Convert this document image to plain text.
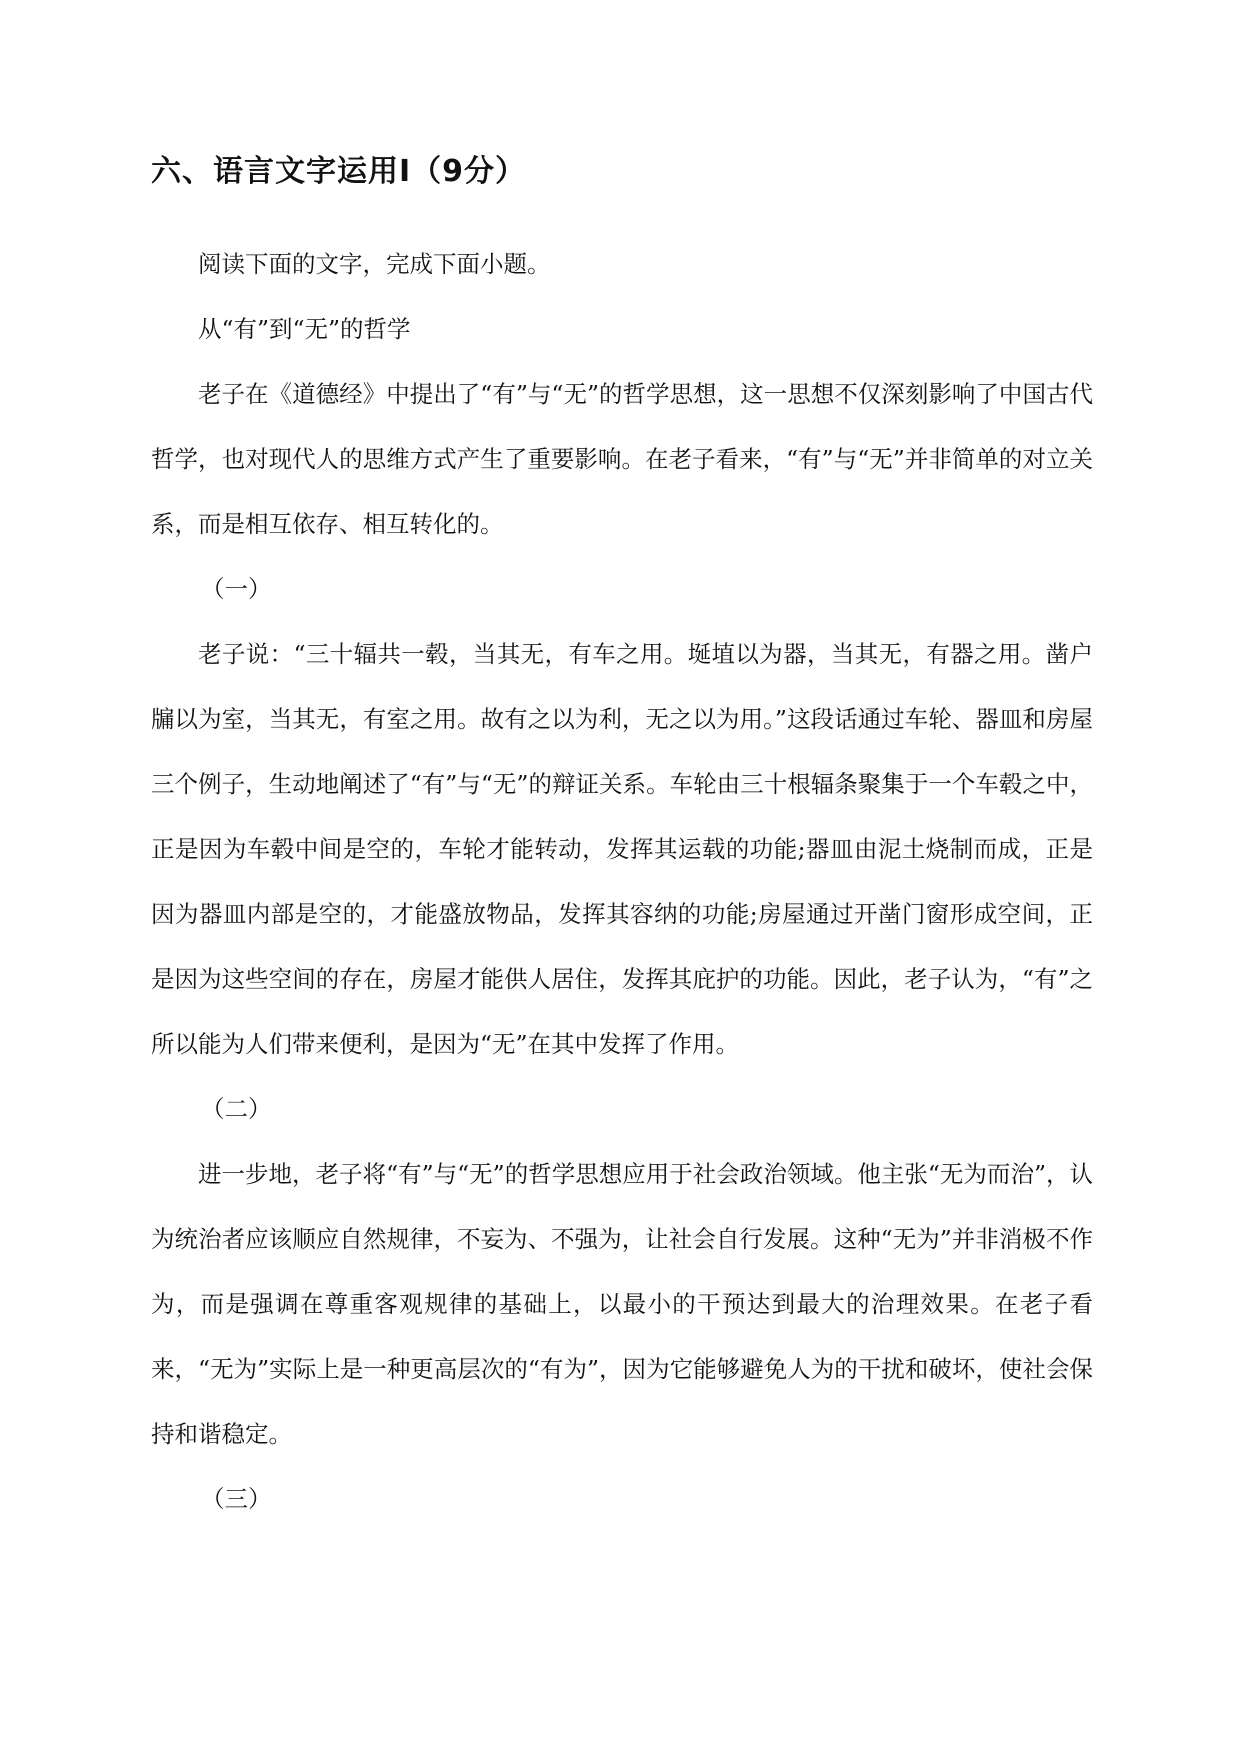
六、语言文字运用Ⅰ（9分）

阅读下面的文字，完成下面小题。

从“有”到“无”的哲学

老子在《道德经》中提出了“有”与“无”的哲学思想，这一思想不仅深刻影响了中国古代哲学，也对现代人的思维方式产生了重要影响。在老子看来，“有”与“无”并非简单的对立关系，而是相互依存、相互转化的。

（一）

老子说：“三十辐共一毂，当其无，有车之用。埏埴以为器，当其无，有器之用。凿户牖以为室，当其无，有室之用。故有之以为利，无之以为用。”这段话通过车轮、器皿和房屋三个例子，生动地阐述了“有”与“无”的辩证关系。车轮由三十根辐条聚集于一个车毂之中，正是因为车毂中间是空的，车轮才能转动，发挥其运载的功能;器皿由泥土烧制而成，正是因为器皿内部是空的，才能盛放物品，发挥其容纳的功能;房屋通过开凿门窗形成空间，正是因为这些空间的存在，房屋才能供人居住，发挥其庇护的功能。因此，老子认为，“有”之所以能为人们带来便利，是因为“无”在其中发挥了作用。

（二）

进一步地，老子将“有”与“无”的哲学思想应用于社会政治领域。他主张“无为而治”，认为统治者应该顺应自然规律，不妄为、不强为，让社会自行发展。这种“无为”并非消极不作为，而是强调在尊重客观规律的基础上，以最小的干预达到最大的治理效果。在老子看来，“无为”实际上是一种更高层次的“有为”，因为它能够避免人为的干扰和破坏，使社会保持和谐稳定。

（三）
